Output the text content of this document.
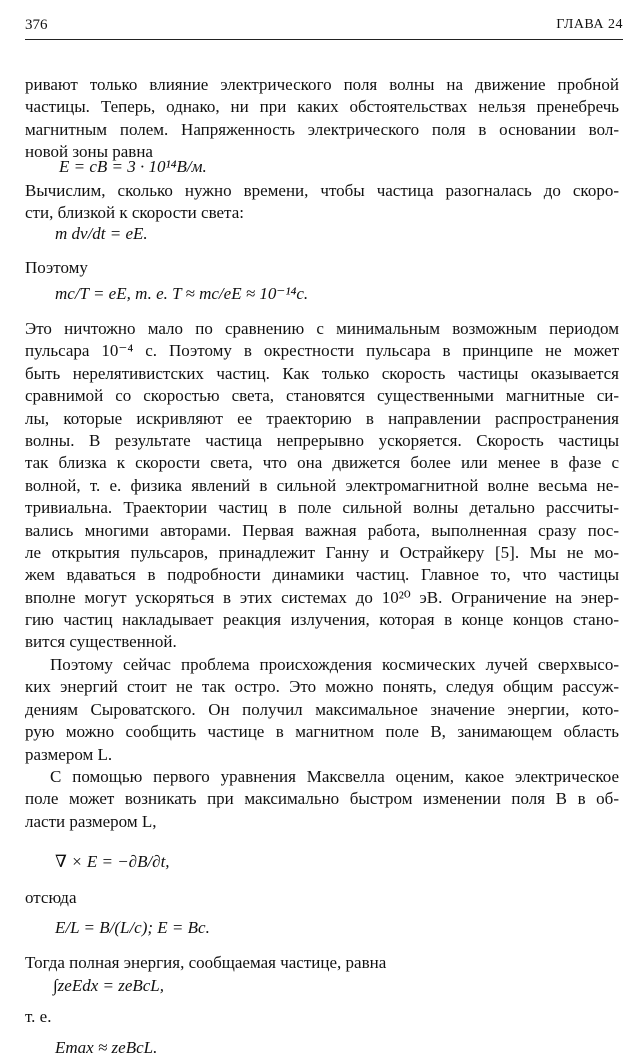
376	ГЛАВА 24
ривают только влияние электрического поля волны на движение пробной
частицы. Теперь, однако, ни при каких обстоятельствах нельзя пренебречь
магнитным полем. Напряженность электрического поля в основании вол-
новой зоны равна
E = cB = 3 · 10¹⁴В/м.
Вычислим, сколько нужно времени, чтобы частица разогналась до скоро-
сти, близкой к скорости света:
m dv/dt = eE.
Поэтому
mc/T = eE, т. е. T ≈ mc/eE ≈ 10⁻¹⁴с.
Это ничтожно мало по сравнению с минимальным возможным периодом
пульсара 10⁻⁴ с. Поэтому в окрестности пульсара в принципе не может
быть нерелятивистских частиц. Как только скорость частицы оказывается
сравнимой со скоростью света, становятся существенными магнитные си-
лы, которые искривляют ее траекторию в направлении распространения
волны. В результате частица непрерывно ускоряется. Скорость частицы
так близка к скорости света, что она движется более или менее в фазе с
волной, т. е. физика явлений в сильной электромагнитной волне весьма не-
тривиальна. Траектории частиц в поле сильной волны детально рассчиты-
вались многими авторами. Первая важная работа, выполненная сразу пос-
ле открытия пульсаров, принадлежит Ганну и Острайкеру [5]. Мы не мо-
жем вдаваться в подробности динамики частиц. Главное то, что частицы
вполне могут ускоряться в этих системах до 10²⁰ эВ. Ограничение на энер-
гию частиц накладывает реакция излучения, которая в конце концов стано-
вится существенной.
Поэтому сейчас проблема происхождения космических лучей сверхвысо-
ких энергий стоит не так остро. Это можно понять, следуя общим рассуж-
дениям Сыроватского. Он получил максимальное значение энергии, кото-
рую можно сообщить частице в магнитном поле B, занимающем область
размером L.
С помощью первого уравнения Максвелла оценим, какое электрическое
поле может возникать при максимально быстром изменении поля B в об-
ласти размером L,
∇ × E = −∂B/∂t,
отсюда
E/L = B/(L/c); E = Bc.
Тогда полная энергия, сообщаемая частице, равна
∫zeEdx = zeBcL,
т. е.
Emax ≈ zeBcL.
